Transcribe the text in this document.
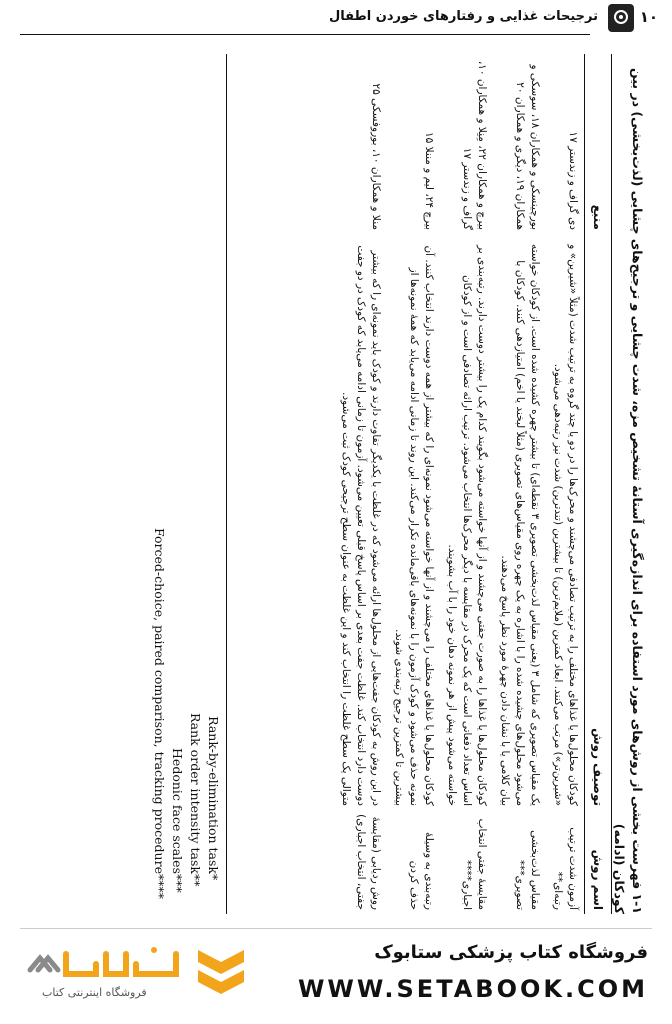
۱۰
ترجیحات غذایی و رفتارهای خوردن اطفال
۱-۱ فهرست بخشی از روش‌های مورد استفاده برای اندازه‌گیری آستانهٔ تشخیص مزه، شدت چشایی و ترجیح‌های چشایی (لذت‌بخشی) در بین
کودکان (ادامه)
اسم روش
توصیف روش
منبع
آزمون شدت ترتیب رتبه‌ای**
کودکان محلول‌ها یا غذاهای مختلف را به ترتیب تصادفی می‌چشند و محرک‌ها را در دو یا چند گروه به ترتیب شدت (مثلاً «شیرین» و «شیرین‌تر») مرتب می‌کنند. ابعاد کمترین (ملایم‌ترین) تا بیشترین (تندترین) شدت نیز رتبه‌دهی می‌شود.
دی گراف و زندستر ۱۷
مقیاس لذت‌بخشی تصویری***
یک مقیاس تصویری که شامل ۳ (یعنی مقیاس لذت‌بخشی تصویری ۳ نقطه‌ای) تا بیشتر چهره کشیده شده است. از کودکان خواسته می‌شود محلول‌های چشیده شده را با اشاره به یک چهره روی مقیاس‌های تصویری (مثلاً لبخند یا اخم) امتیازدهی کنند. کودکان با بیان کلامی یا با نشان دادن چهرهٔ مورد نظر پاسخ می‌دهند.
بورچینسکی و همکاران ۱۸، سوسکی و همکاران ۱۹، دیگری و همکاران ۲۰
مقایسهٔ جفتی انتخاب اجباری****
کودکان محلول‌ها یا غذاها را به صورت جفتی می‌چشند و از آنها خواسته می‌شود بگویند کدام یک را بیشتر دوست دارند. رتبه‌بندی بر اساس تعداد دفعاتی است که یک محرک در مقایسه با دیگر محرک‌ها انتخاب می‌شود. ترتیب ارائه تصادفی است و از کودکان خواسته می‌شود پیش از هر نمونه دهان خود را با آب بشویند.
بیرچ و همکاران ۲۲، مِنِلا و همکاران ۱۰، گراف و زندستر ۱۷
رتبه‌بندی به وسیلهٔ حذف کردن
کودکان محلول‌ها یا غذاهای مختلف را می‌چشند و از آنها خواسته می‌شود نمونه‌ای را که بیشتر از همه دوست دارند انتخاب کنند. آن نمونه حذف می‌شود و کودک آزمون را با نمونه‌های باقی‌مانده تکرار می‌کند. این روند تا زمانی ادامه می‌یابد که همهٔ نمونه‌ها از بیشترین تا کمترین ترجیح رتبه‌بندی شوند.
بیرچ ۲۴، لیم و مننلا ۱۵
روش ردیابی (مقایسهٔ جفتی، انتخاب اجباری)
در این روش به کودکان جفت‌هایی از محلول‌ها ارائه می‌شود که در غلظت با یکدیگر تفاوت دارند و کودک باید نمونه‌ای را که بیشتر دوست دارد انتخاب کند. غلظت جفت بعدی بر اساس پاسخ قبلی تعیین می‌شود. آزمون تا زمانی ادامه می‌یابد که کودک در دو جفت متوالی یک سطح غلظت را انتخاب کند و این غلظت به عنوان سطح ترجیحی کودک ثبت می‌شود.
منلا و همکاران ۱۰، بوروفسکی ۲۵
Rank-by-elimination task
*
Rank order intensity task
**
Hedonic face scales
***
Forced-choice, paired comparison, tracking procedure
****
فروشگاه کتاب پزشکی ستابوک
WWW.SETABOOK.COM
فروشگاه اینترنتی کتاب
